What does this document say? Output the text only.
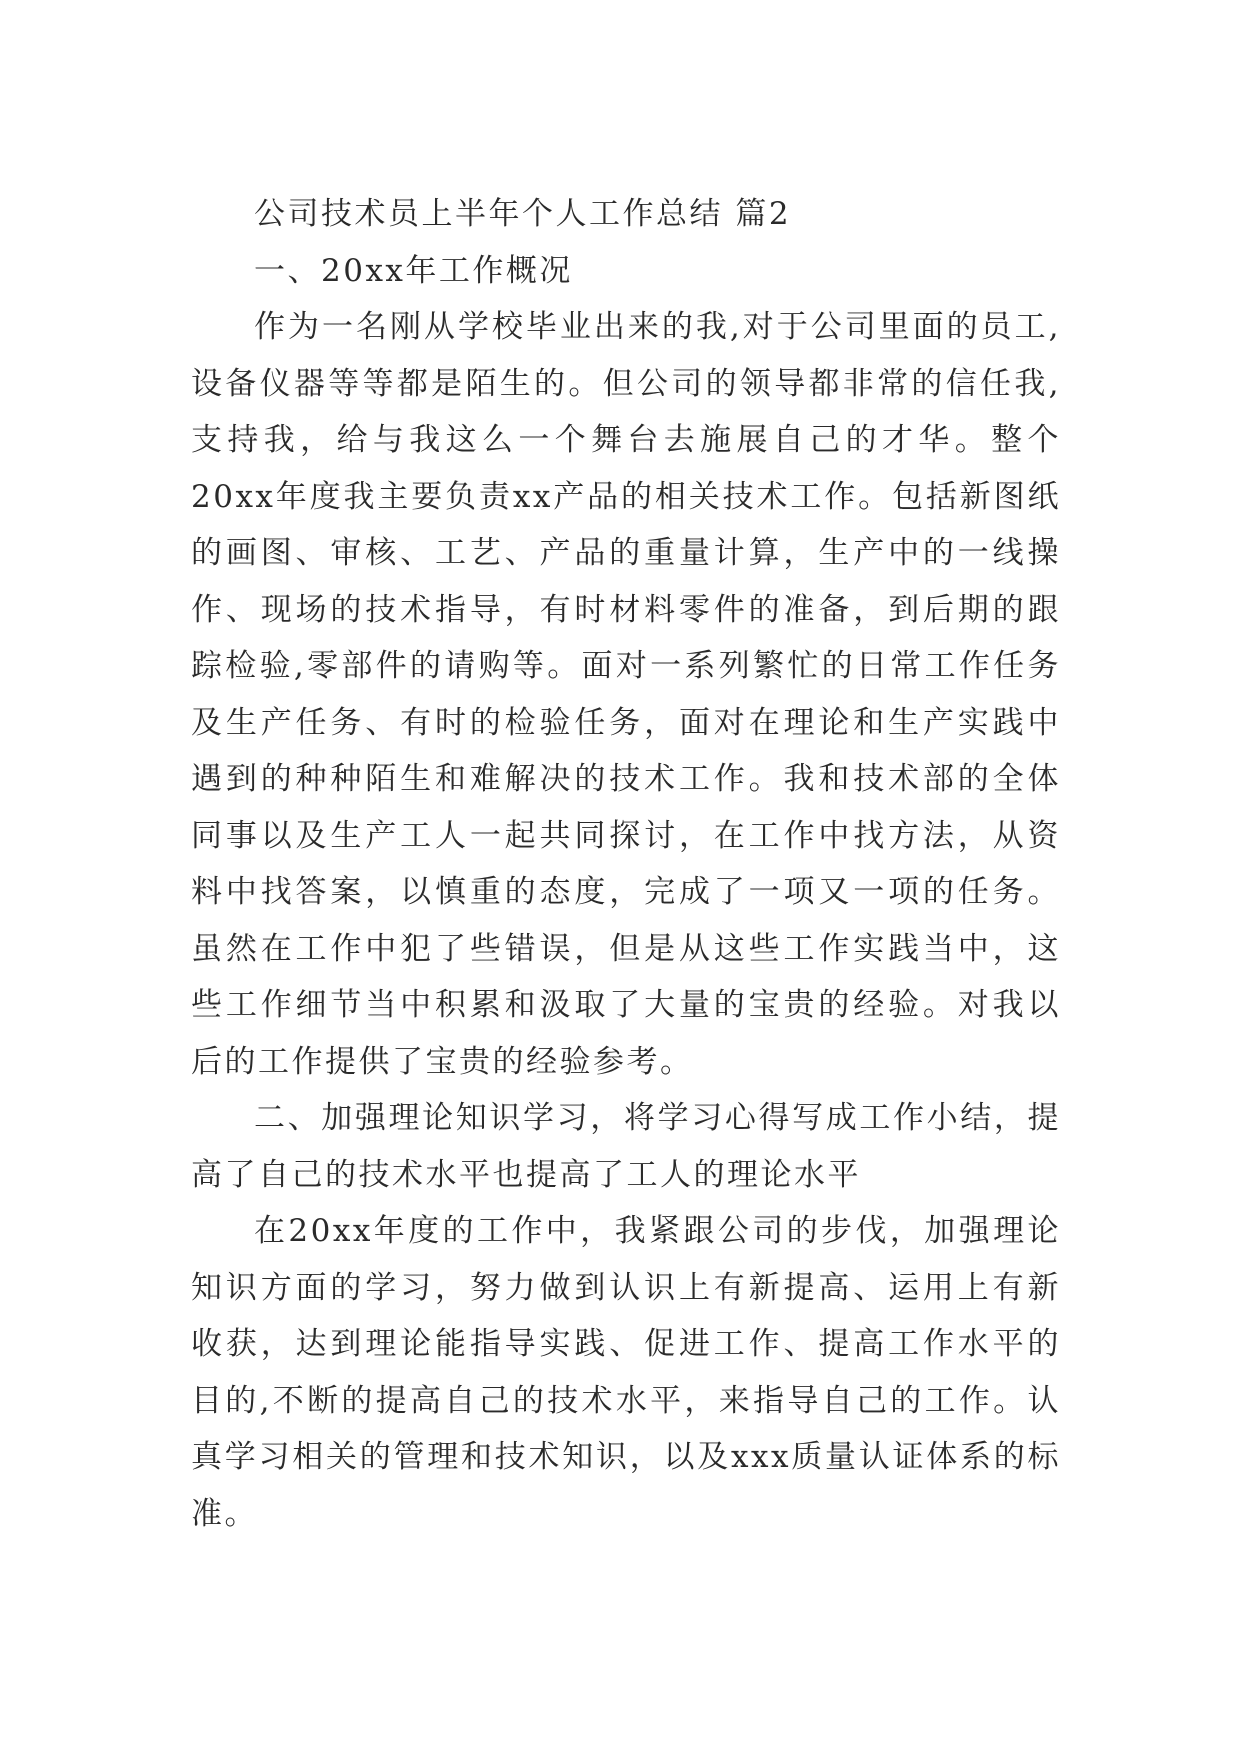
公司技术员上半年个人工作总结 篇2

一、20xx年工作概况

作为一名刚从学校毕业出来的我,对于公司里面的员工,设备仪器等等都是陌生的。但公司的领导都非常的信任我,支持我，给与我这么一个舞台去施展自己的才华。整个20xx年度我主要负责xx产品的相关技术工作。包括新图纸的画图、审核、工艺、产品的重量计算，生产中的一线操作、现场的技术指导，有时材料零件的准备，到后期的跟踪检验,零部件的请购等。面对一系列繁忙的日常工作任务及生产任务、有时的检验任务，面对在理论和生产实践中遇到的种种陌生和难解决的技术工作。我和技术部的全体同事以及生产工人一起共同探讨，在工作中找方法，从资料中找答案，以慎重的态度，完成了一项又一项的任务。虽然在工作中犯了些错误，但是从这些工作实践当中，这些工作细节当中积累和汲取了大量的宝贵的经验。对我以后的工作提供了宝贵的经验参考。

二、加强理论知识学习，将学习心得写成工作小结，提高了自己的技术水平也提高了工人的理论水平

在20xx年度的工作中，我紧跟公司的步伐，加强理论知识方面的学习，努力做到认识上有新提高、运用上有新收获，达到理论能指导实践、促进工作、提高工作水平的目的,不断的提高自己的技术水平，来指导自己的工作。认真学习相关的管理和技术知识，以及xxx质量认证体系的标准。
